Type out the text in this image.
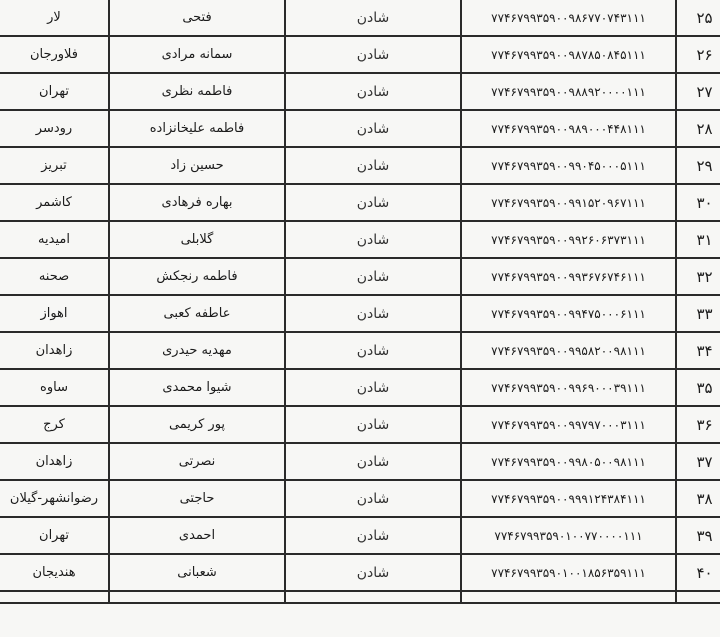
۲۵	۷۷۴۶۷۹۹۳۵۹۰۰۹۸۶۷۷۰۷۴۳۱۱۱	شادن	فتحی	لار
۲۶	۷۷۴۶۷۹۹۳۵۹۰۰۹۸۷۸۵۰۸۴۵۱۱۱	شادن	سمانه مرادی	فلاورجان
۲۷	۷۷۴۶۷۹۹۳۵۹۰۰۹۸۸۹۲۰۰۰۰۱۱۱	شادن	فاطمه نظری	تهران
۲۸	۷۷۴۶۷۹۹۳۵۹۰۰۹۸۹۰۰۰۴۴۸۱۱۱	شادن	فاطمه علیخانزاده	رودسر
۲۹	۷۷۴۶۷۹۹۳۵۹۰۰۹۹۰۴۵۰۰۰۵۱۱۱	شادن	حسین زاد	تبریز
۳۰	۷۷۴۶۷۹۹۳۵۹۰۰۹۹۱۵۲۰۹۶۷۱۱۱	شادن	بهاره فرهادی	کاشمر
۳۱	۷۷۴۶۷۹۹۳۵۹۰۰۹۹۲۶۰۶۳۷۳۱۱۱	شادن	گلابلی	امیدیه
۳۲	۷۷۴۶۷۹۹۳۵۹۰۰۹۹۳۶۷۶۷۴۶۱۱۱	شادن	فاطمه رنجکش	صحنه
۳۳	۷۷۴۶۷۹۹۳۵۹۰۰۹۹۴۷۵۰۰۰۶۱۱۱	شادن	عاطفه کعبی	اهواز
۳۴	۷۷۴۶۷۹۹۳۵۹۰۰۹۹۵۸۲۰۰۹۸۱۱۱	شادن	مهدیه حیدری	زاهدان
۳۵	۷۷۴۶۷۹۹۳۵۹۰۰۹۹۶۹۰۰۰۳۹۱۱۱	شادن	شیوا محمدی	ساوه
۳۶	۷۷۴۶۷۹۹۳۵۹۰۰۹۹۷۹۷۰۰۰۳۱۱۱	شادن	پور کریمی	کرج
۳۷	۷۷۴۶۷۹۹۳۵۹۰۰۹۹۸۰۵۰۰۹۸۱۱۱	شادن	نصرتی	زاهدان
۳۸	۷۷۴۶۷۹۹۳۵۹۰۰۹۹۹۱۲۴۳۸۴۱۱۱	شادن	حاجتی	رضوانشهر-گیلان
۳۹	۷۷۴۶۷۹۹۳۵۹۰۱۰۰۷۷۰۰۰۰۱۱۱	شادن	احمدی	تهران
۴۰	۷۷۴۶۷۹۹۳۵۹۰۱۰۰۱۸۵۶۳۵۹۱۱۱	شادن	شعبانی	هندیجان
